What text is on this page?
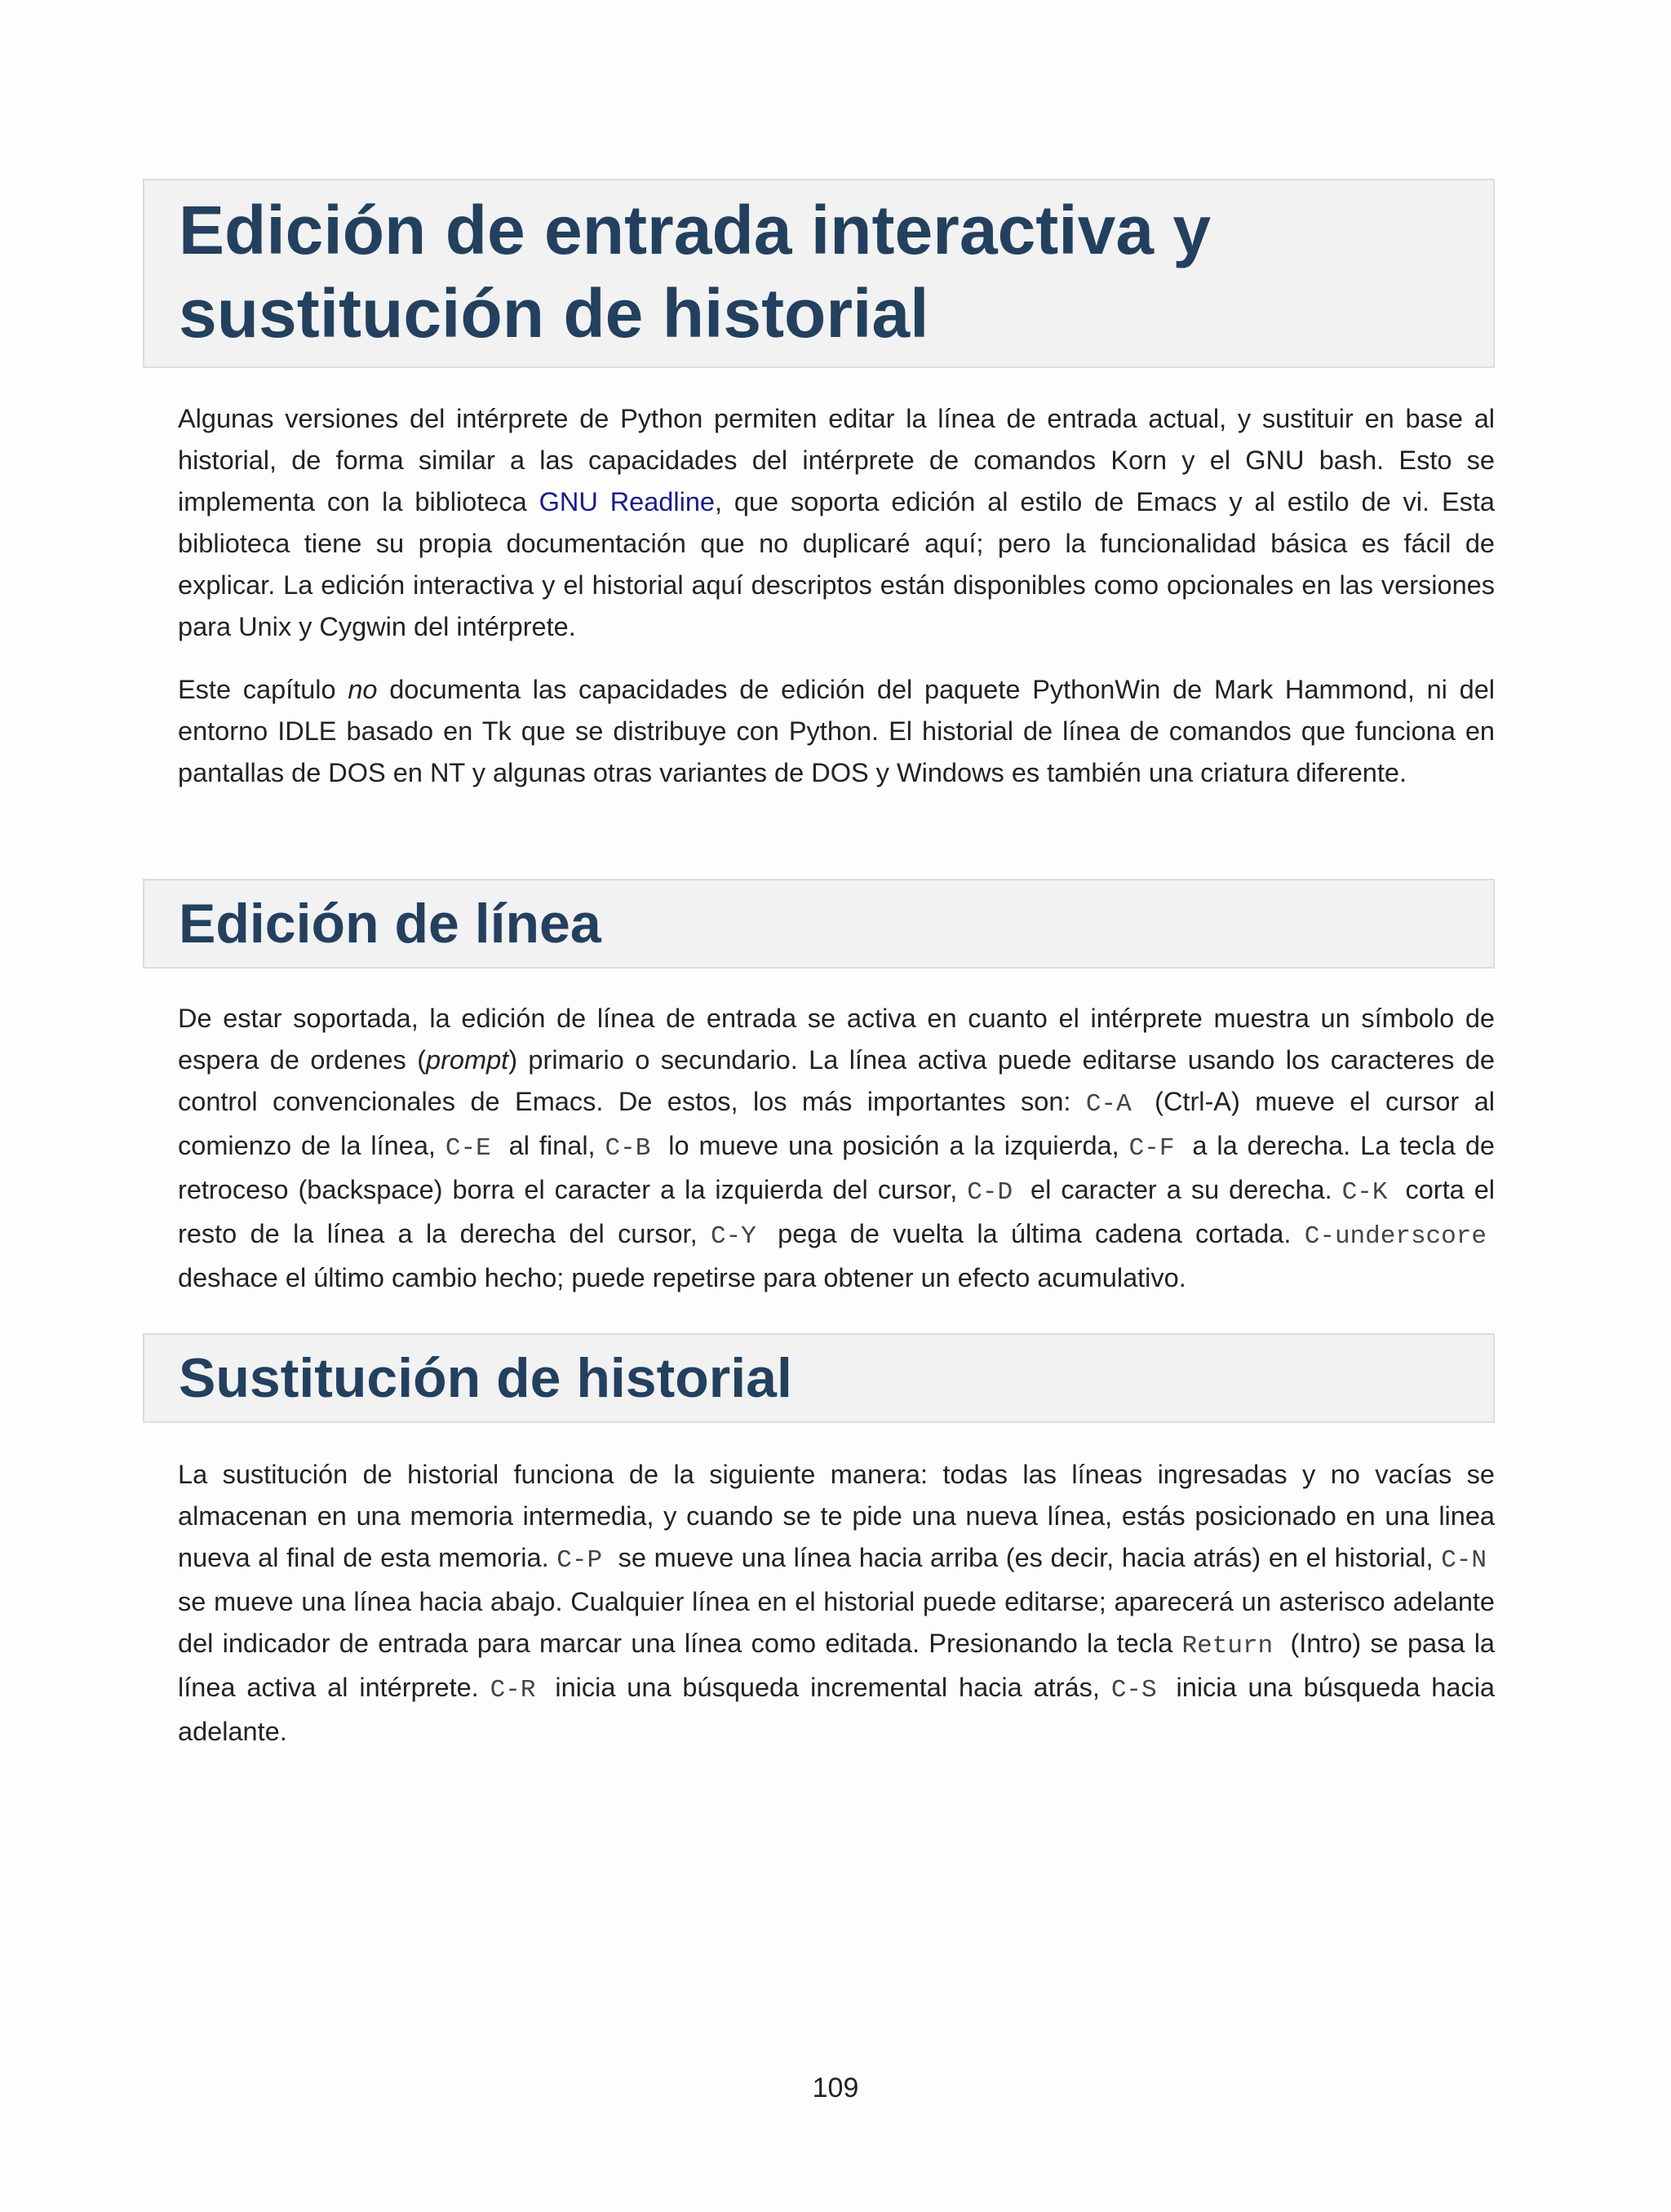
Edición de entrada interactiva y sustitución de historial

Algunas versiones del intérprete de Python permiten editar la línea de entrada actual, y sustituir en base al historial, de forma similar a las capacidades del intérprete de comandos Korn y el GNU bash. Esto se implementa con la biblioteca GNU Readline, que soporta edición al estilo de Emacs y al estilo de vi. Esta biblioteca tiene su propia documentación que no duplicaré aquí; pero la funcionalidad básica es fácil de explicar. La edición interactiva y el historial aquí descriptos están disponibles como opcionales en las versiones para Unix y Cygwin del intérprete.

Este capítulo no documenta las capacidades de edición del paquete PythonWin de Mark Hammond, ni del entorno IDLE basado en Tk que se distribuye con Python. El historial de línea de comandos que funciona en pantallas de DOS en NT y algunas otras variantes de DOS y Windows es también una criatura diferente.

Edición de línea

De estar soportada, la edición de línea de entrada se activa en cuanto el intérprete muestra un símbolo de espera de ordenes (prompt) primario o secundario. La línea activa puede editarse usando los caracteres de control convencionales de Emacs. De estos, los más importantes son: C-A (Ctrl-A) mueve el cursor al comienzo de la línea, C-E al final, C-B lo mueve una posición a la izquierda, C-F a la derecha. La tecla de retroceso (backspace) borra el caracter a la izquierda del cursor, C-D el caracter a su derecha. C-K corta el resto de la línea a la derecha del cursor, C-Y pega de vuelta la última cadena cortada. C-underscore deshace el último cambio hecho; puede repetirse para obtener un efecto acumulativo.

Sustitución de historial

La sustitución de historial funciona de la siguiente manera: todas las líneas ingresadas y no vacías se almacenan en una memoria intermedia, y cuando se te pide una nueva línea, estás posicionado en una linea nueva al final de esta memoria. C-P se mueve una línea hacia arriba (es decir, hacia atrás) en el historial, C-N se mueve una línea hacia abajo. Cualquier línea en el historial puede editarse; aparecerá un asterisco adelante del indicador de entrada para marcar una línea como editada. Presionando la tecla Return (Intro) se pasa la línea activa al intérprete. C-R inicia una búsqueda incremental hacia atrás, C-S inicia una búsqueda hacia adelante.

109
